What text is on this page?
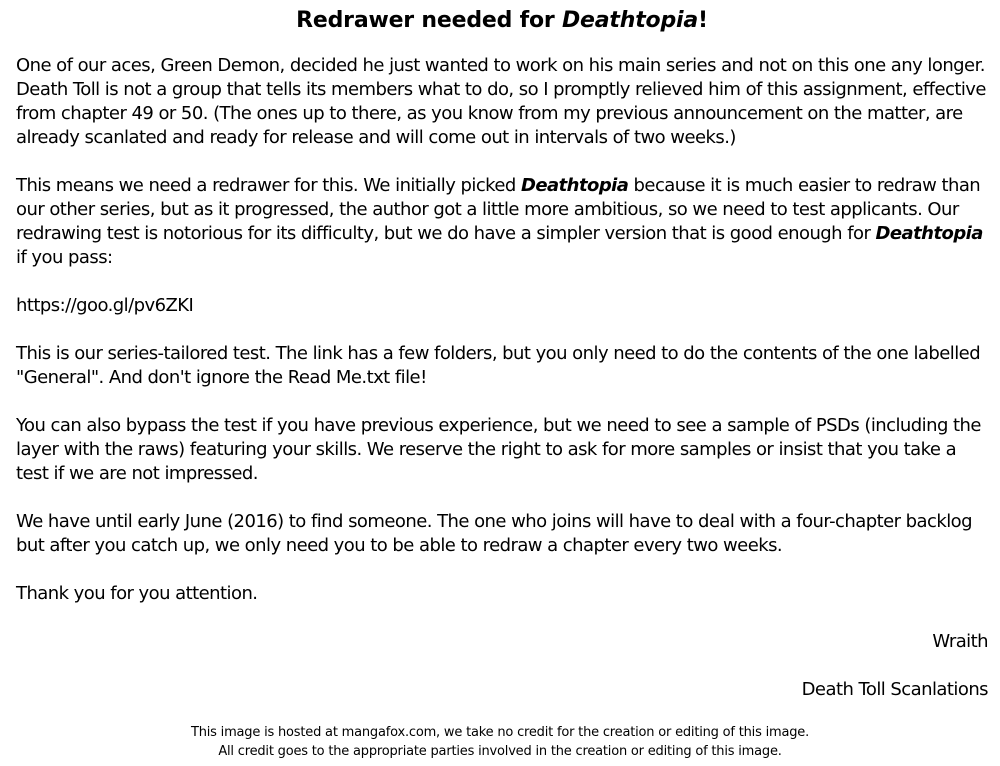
Redrawer needed for Deathtopia!

One of our aces, Green Demon, decided he just wanted to work on his main series and not on this one any longer. Death Toll is not a group that tells its members what to do, so I promptly relieved him of this assignment, effective from chapter 49 or 50. (The ones up to there, as you know from my previous announcement on the matter, are already scanlated and ready for release and will come out in intervals of two weeks.)

This means we need a redrawer for this. We initially picked Deathtopia because it is much easier to redraw than our other series, but as it progressed, the author got a little more ambitious, so we need to test applicants. Our redrawing test is notorious for its difficulty, but we do have a simpler version that is good enough for Deathtopia if you pass:

https://goo.gl/pv6ZKI

This is our series-tailored test. The link has a few folders, but you only need to do the contents of the one labelled "General". And don't ignore the Read Me.txt file!

You can also bypass the test if you have previous experience, but we need to see a sample of PSDs (including the layer with the raws) featuring your skills. We reserve the right to ask for more samples or insist that you take a test if we are not impressed.

We have until early June (2016) to find someone. The one who joins will have to deal with a four-chapter backlog but after you catch up, we only need you to be able to redraw a chapter every two weeks.

Thank you for you attention.

Wraith

Death Toll Scanlations

This image is hosted at mangafox.com, we take no credit for the creation or editing of this image.
All credit goes to the appropriate parties involved in the creation or editing of this image.
